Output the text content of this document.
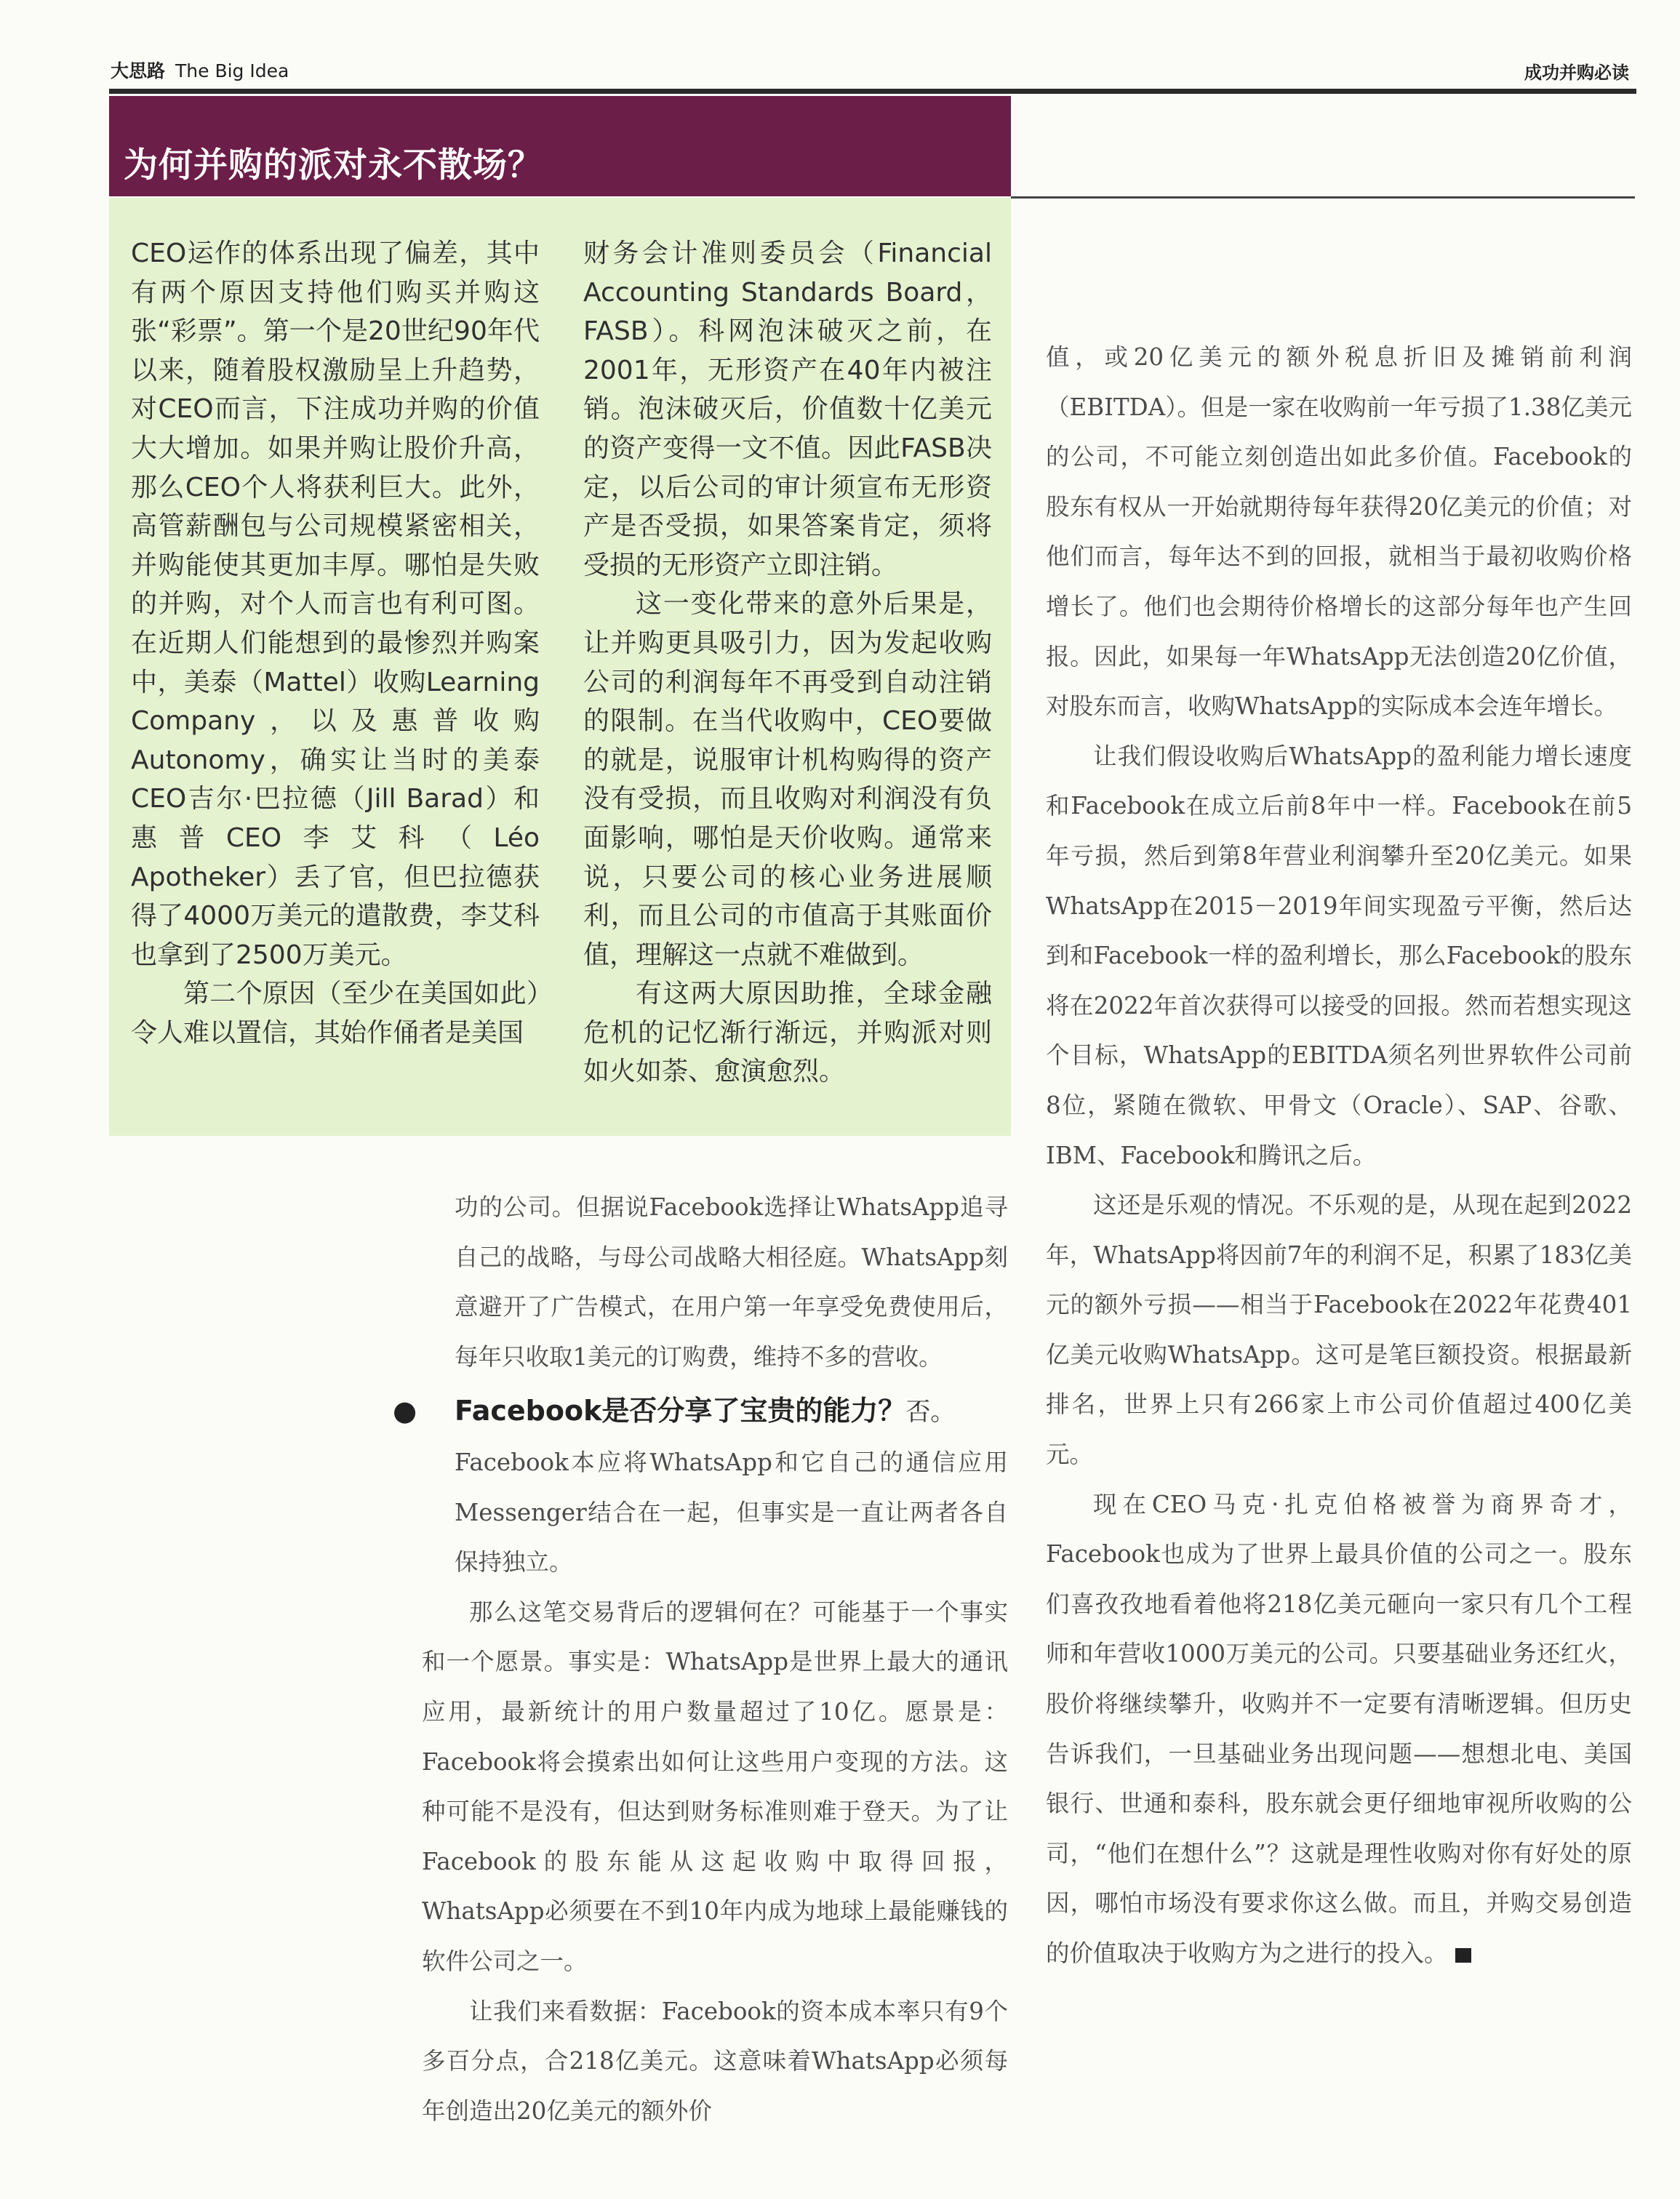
大思路 The Big Idea	成功并购必读
为何并购的派对永不散场？

CEO运作的体系出现了偏差，其中有两个原因支持他们购买并购这张“彩票”。第一个是20世纪90年代以来，随着股权激励呈上升趋势，对CEO而言，下注成功并购的价值大大增加。如果并购让股价升高，那么CEO个人将获利巨大。此外，高管薪酬包与公司规模紧密相关，并购能使其更加丰厚。哪怕是失败的并购，对个人而言也有利可图。在近期人们能想到的最惨烈并购案中，美泰（Mattel）收购Learning Company，以及惠普收购Autonomy，确实让当时的美泰CEO吉尔·巴拉德（Jill Barad）和惠普CEO李艾科（Léo Apotheker）丢了官，但巴拉德获得了4000万美元的遣散费，李艾科也拿到了2500万美元。

第二个原因（至少在美国如此）令人难以置信，其始作俑者是美国

财务会计准则委员会（Financial Accounting Standards Board，FASB）。科网泡沫破灭之前，在2001年，无形资产在40年内被注销。泡沫破灭后，价值数十亿美元的资产变得一文不值。因此FASB决定，以后公司的审计须宣布无形资产是否受损，如果答案肯定，须将受损的无形资产立即注销。

这一变化带来的意外后果是，让并购更具吸引力，因为发起收购公司的利润每年不再受到自动注销的限制。在当代收购中，CEO要做的就是，说服审计机构购得的资产没有受损，而且收购对利润没有负面影响，哪怕是天价收购。通常来说，只要公司的核心业务进展顺利，而且公司的市值高于其账面价值，理解这一点就不难做到。

有这两大原因助推，全球金融危机的记忆渐行渐远，并购派对则如火如荼、愈演愈烈。

功的公司。但据说Facebook选择让WhatsApp追寻自己的战略，与母公司战略大相径庭。WhatsApp刻意避开了广告模式，在用户第一年享受免费使用后，每年只收取1美元的订购费，维持不多的营收。

● Facebook是否分享了宝贵的能力？否。

Facebook本应将WhatsApp和它自己的通信应用Messenger结合在一起，但事实是一直让两者各自保持独立。

那么这笔交易背后的逻辑何在？可能基于一个事实和一个愿景。事实是：WhatsApp是世界上最大的通讯应用，最新统计的用户数量超过了10亿。愿景是：Facebook将会摸索出如何让这些用户变现的方法。这种可能不是没有，但达到财务标准则难于登天。为了让Facebook的股东能从这起收购中取得回报，WhatsApp必须要在不到10年内成为地球上最能赚钱的软件公司之一。

让我们来看数据：Facebook的资本成本率只有9个多百分点，合218亿美元。这意味着WhatsApp必须每年创造出20亿美元的额外价

值，或20亿美元的额外税息折旧及摊销前利润（EBITDA）。但是一家在收购前一年亏损了1.38亿美元的公司，不可能立刻创造出如此多价值。Facebook的股东有权从一开始就期待每年获得20亿美元的价值；对他们而言，每年达不到的回报，就相当于最初收购价格增长了。他们也会期待价格增长的这部分每年也产生回报。因此，如果每一年WhatsApp无法创造20亿价值，对股东而言，收购WhatsApp的实际成本会连年增长。

让我们假设收购后WhatsApp的盈利能力增长速度和Facebook在成立后前8年中一样。Facebook在前5年亏损，然后到第8年营业利润攀升至20亿美元。如果WhatsApp在2015－2019年间实现盈亏平衡，然后达到和Facebook一样的盈利增长，那么Facebook的股东将在2022年首次获得可以接受的回报。然而若想实现这个目标，WhatsApp的EBITDA须名列世界软件公司前8位，紧随在微软、甲骨文（Oracle）、SAP、谷歌、IBM、Facebook和腾讯之后。

这还是乐观的情况。不乐观的是，从现在起到2022年，WhatsApp将因前7年的利润不足，积累了183亿美元的额外亏损——相当于Facebook在2022年花费401亿美元收购WhatsApp。这可是笔巨额投资。根据最新排名，世界上只有266家上市公司价值超过400亿美元。

现在CEO马克·扎克伯格被誉为商界奇才，Facebook也成为了世界上最具价值的公司之一。股东们喜孜孜地看着他将218亿美元砸向一家只有几个工程师和年营收1000万美元的公司。只要基础业务还红火，股价将继续攀升，收购并不一定要有清晰逻辑。但历史告诉我们，一旦基础业务出现问题——想想北电、美国银行、世通和泰科，股东就会更仔细地审视所收购的公司，“他们在想什么”？这就是理性收购对你有好处的原因，哪怕市场没有要求你这么做。而且，并购交易创造的价值取决于收购方为之进行的投入。
